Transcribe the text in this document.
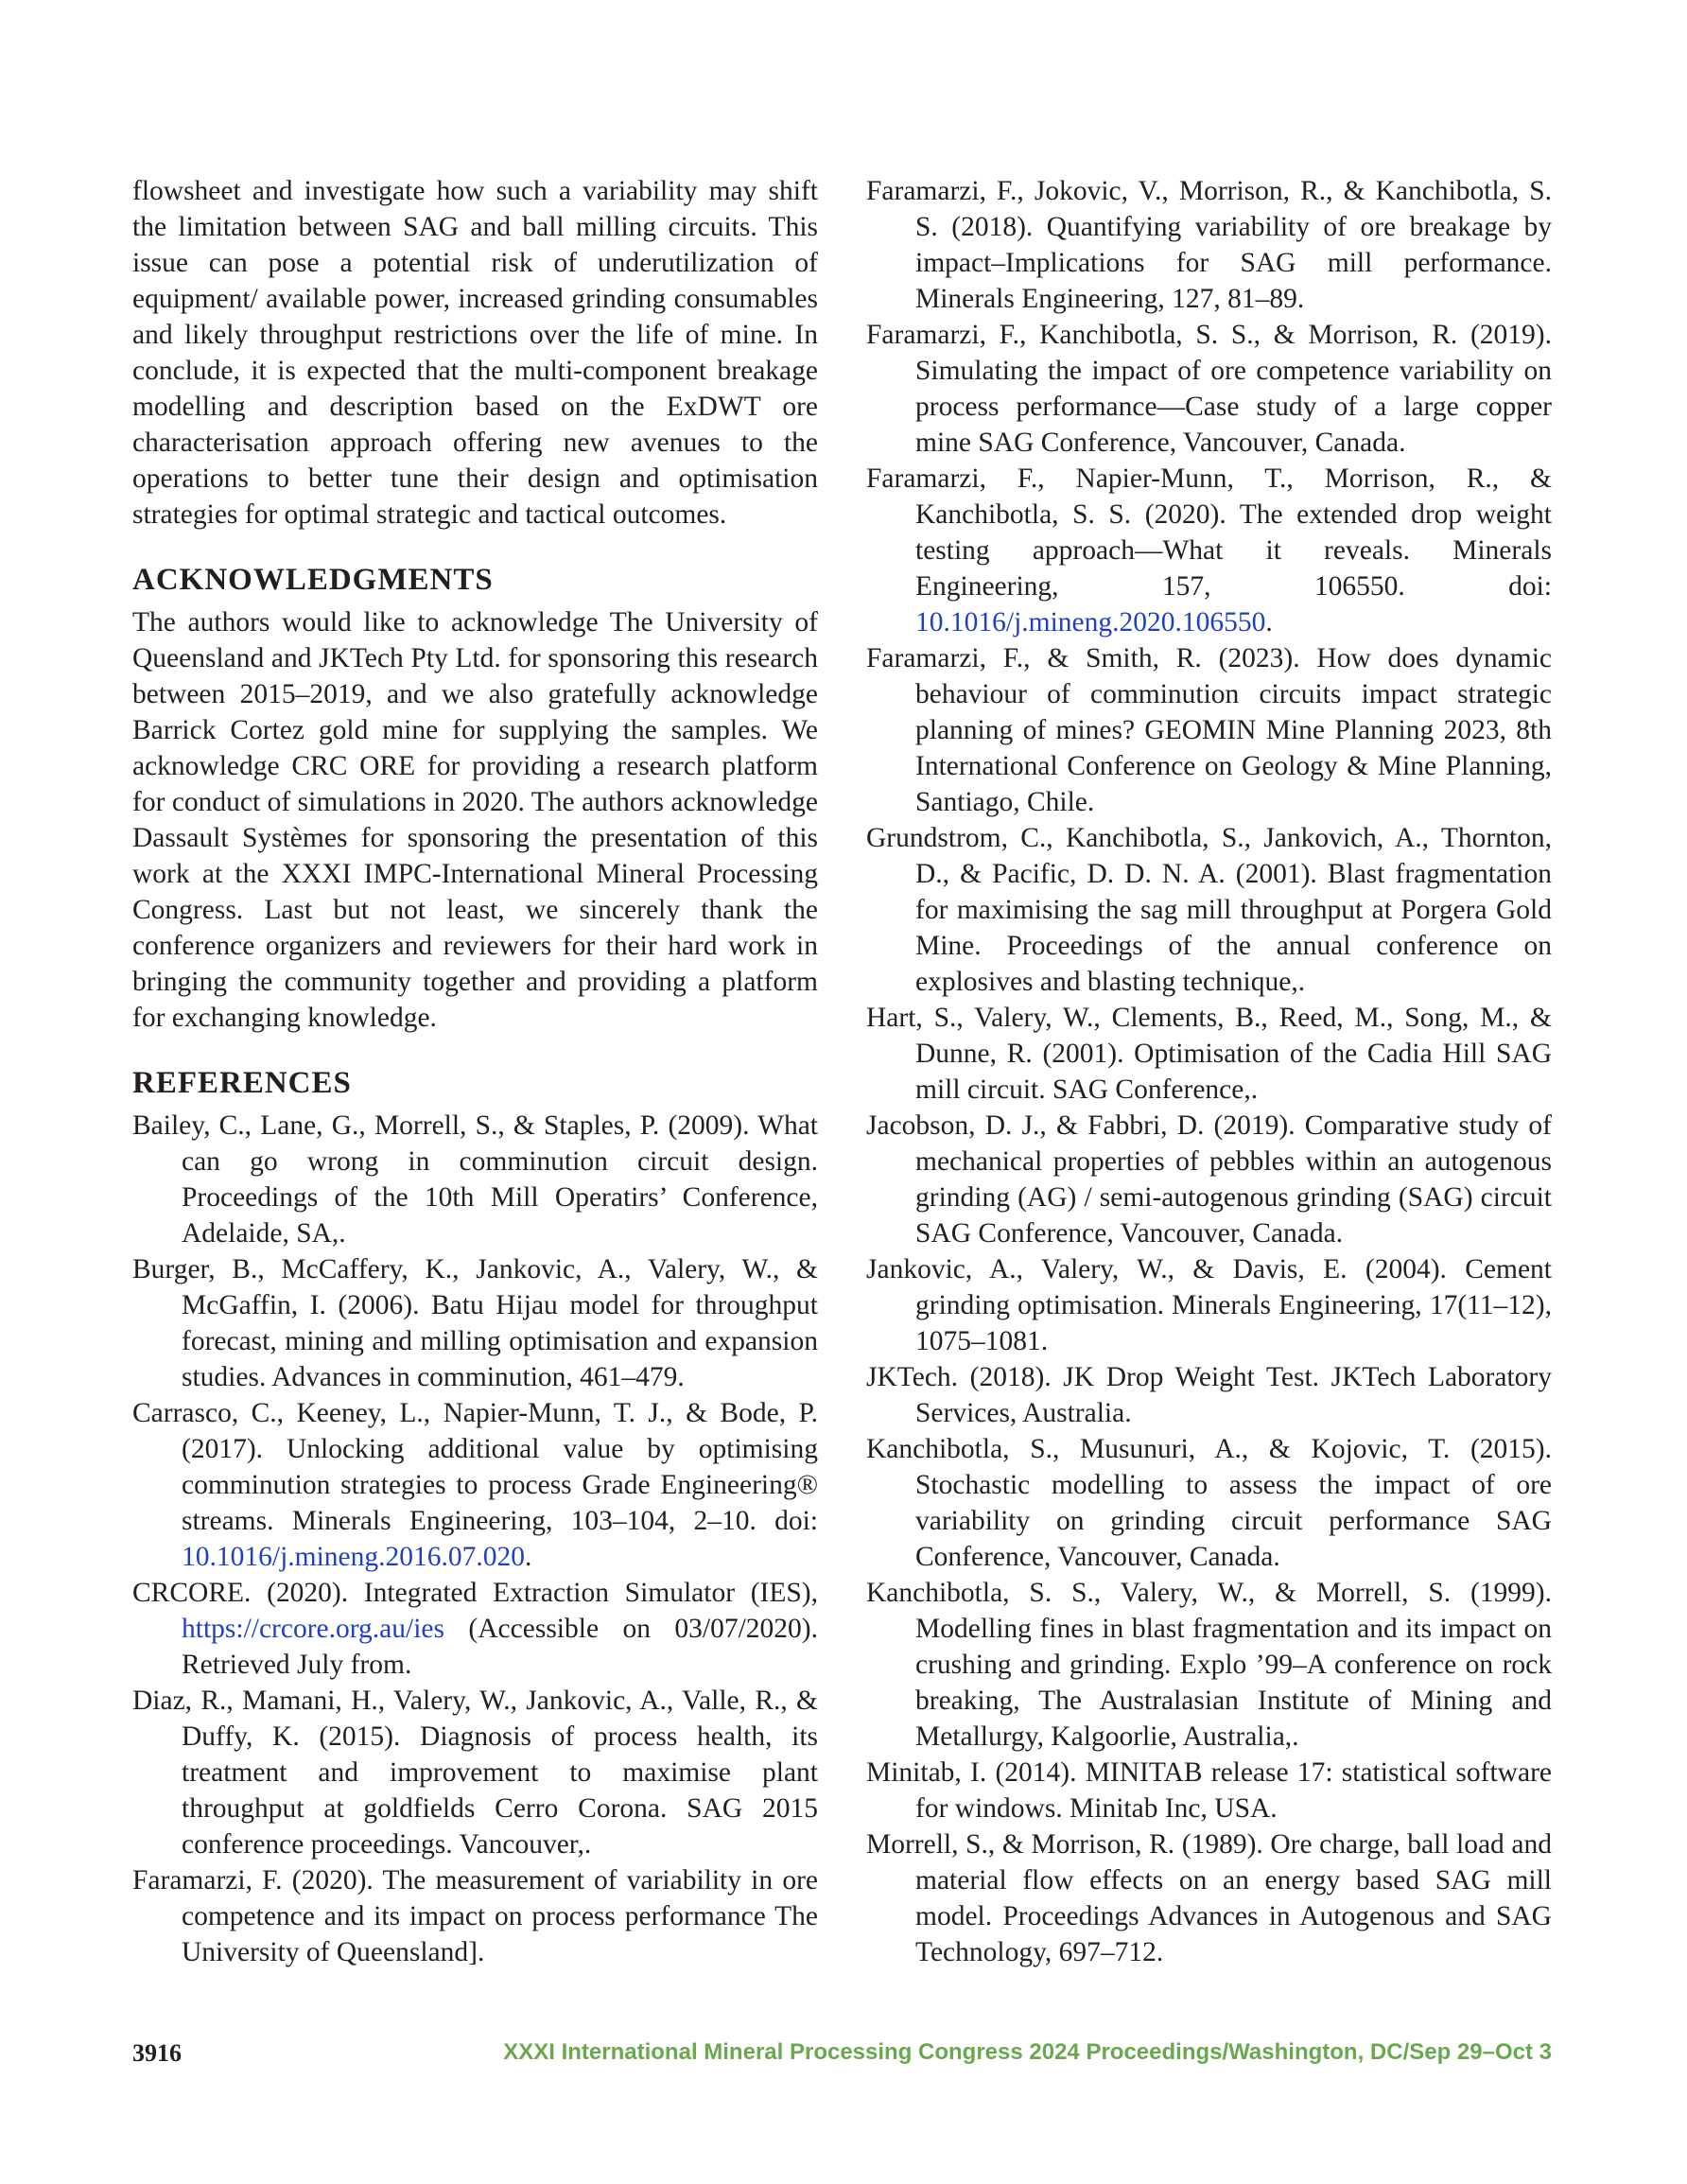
flowsheet and investigate how such a variability may shift the limitation between SAG and ball milling circuits. This issue can pose a potential risk of underutilization of equipment/ available power, increased grinding consumables and likely throughput restrictions over the life of mine. In conclude, it is expected that the multi-component breakage modelling and description based on the ExDWT ore characterisation approach offering new avenues to the operations to better tune their design and optimisation strategies for optimal strategic and tactical outcomes.

ACKNOWLEDGMENTS

The authors would like to acknowledge The University of Queensland and JKTech Pty Ltd. for sponsoring this research between 2015–2019, and we also gratefully acknowledge Barrick Cortez gold mine for supplying the samples. We acknowledge CRC ORE for providing a research platform for conduct of simulations in 2020. The authors acknowledge Dassault Systèmes for sponsoring the presentation of this work at the XXXI IMPC-International Mineral Processing Congress. Last but not least, we sincerely thank the conference organizers and reviewers for their hard work in bringing the community together and providing a platform for exchanging knowledge.

REFERENCES

Bailey, C., Lane, G., Morrell, S., & Staples, P. (2009). What can go wrong in comminution circuit design. Proceedings of the 10th Mill Operatirs’ Conference, Adelaide, SA,.

Burger, B., McCaffery, K., Jankovic, A., Valery, W., & McGaffin, I. (2006). Batu Hijau model for throughput forecast, mining and milling optimisation and expansion studies. Advances in comminution, 461–479.

Carrasco, C., Keeney, L., Napier-Munn, T. J., & Bode, P. (2017). Unlocking additional value by optimising comminution strategies to process Grade Engineering® streams. Minerals Engineering, 103–104, 2–10. doi: 10.1016/j.mineng.2016.07.020.

CRCORE. (2020). Integrated Extraction Simulator (IES), https://crcore.org.au/ies (Accessible on 03/07/2020). Retrieved July from.

Diaz, R., Mamani, H., Valery, W., Jankovic, A., Valle, R., & Duffy, K. (2015). Diagnosis of process health, its treatment and improvement to maximise plant throughput at goldfields Cerro Corona. SAG 2015 conference proceedings. Vancouver,.

Faramarzi, F. (2020). The measurement of variability in ore competence and its impact on process performance The University of Queensland].

Faramarzi, F., Jokovic, V., Morrison, R., & Kanchibotla, S. S. (2018). Quantifying variability of ore breakage by impact–Implications for SAG mill performance. Minerals Engineering, 127, 81–89.

Faramarzi, F., Kanchibotla, S. S., & Morrison, R. (2019). Simulating the impact of ore competence variability on process performance—Case study of a large copper mine SAG Conference, Vancouver, Canada.

Faramarzi, F., Napier-Munn, T., Morrison, R., & Kanchibotla, S. S. (2020). The extended drop weight testing approach—What it reveals. Minerals Engineering, 157, 106550. doi: 10.1016/j.mineng.2020.106550.

Faramarzi, F., & Smith, R. (2023). How does dynamic behaviour of comminution circuits impact strategic planning of mines? GEOMIN Mine Planning 2023, 8th International Conference on Geology & Mine Planning, Santiago, Chile.

Grundstrom, C., Kanchibotla, S., Jankovich, A., Thornton, D., & Pacific, D. D. N. A. (2001). Blast fragmentation for maximising the sag mill throughput at Porgera Gold Mine. Proceedings of the annual conference on explosives and blasting technique,.

Hart, S., Valery, W., Clements, B., Reed, M., Song, M., & Dunne, R. (2001). Optimisation of the Cadia Hill SAG mill circuit. SAG Conference,.

Jacobson, D. J., & Fabbri, D. (2019). Comparative study of mechanical properties of pebbles within an autogenous grinding (AG) / semi-autogenous grinding (SAG) circuit SAG Conference, Vancouver, Canada.

Jankovic, A., Valery, W., & Davis, E. (2004). Cement grinding optimisation. Minerals Engineering, 17(11–12), 1075–1081.

JKTech. (2018). JK Drop Weight Test. JKTech Laboratory Services, Australia.

Kanchibotla, S., Musunuri, A., & Kojovic, T. (2015). Stochastic modelling to assess the impact of ore variability on grinding circuit performance SAG Conference, Vancouver, Canada.

Kanchibotla, S. S., Valery, W., & Morrell, S. (1999). Modelling fines in blast fragmentation and its impact on crushing and grinding. Explo ’99–A conference on rock breaking, The Australasian Institute of Mining and Metallurgy, Kalgoorlie, Australia,.

Minitab, I. (2014). MINITAB release 17: statistical software for windows. Minitab Inc, USA.

Morrell, S., & Morrison, R. (1989). Ore charge, ball load and material flow effects on an energy based SAG mill model. Proceedings Advances in Autogenous and SAG Technology, 697–712.

3916	XXXI International Mineral Processing Congress 2024 Proceedings/Washington, DC/Sep 29–Oct 3
